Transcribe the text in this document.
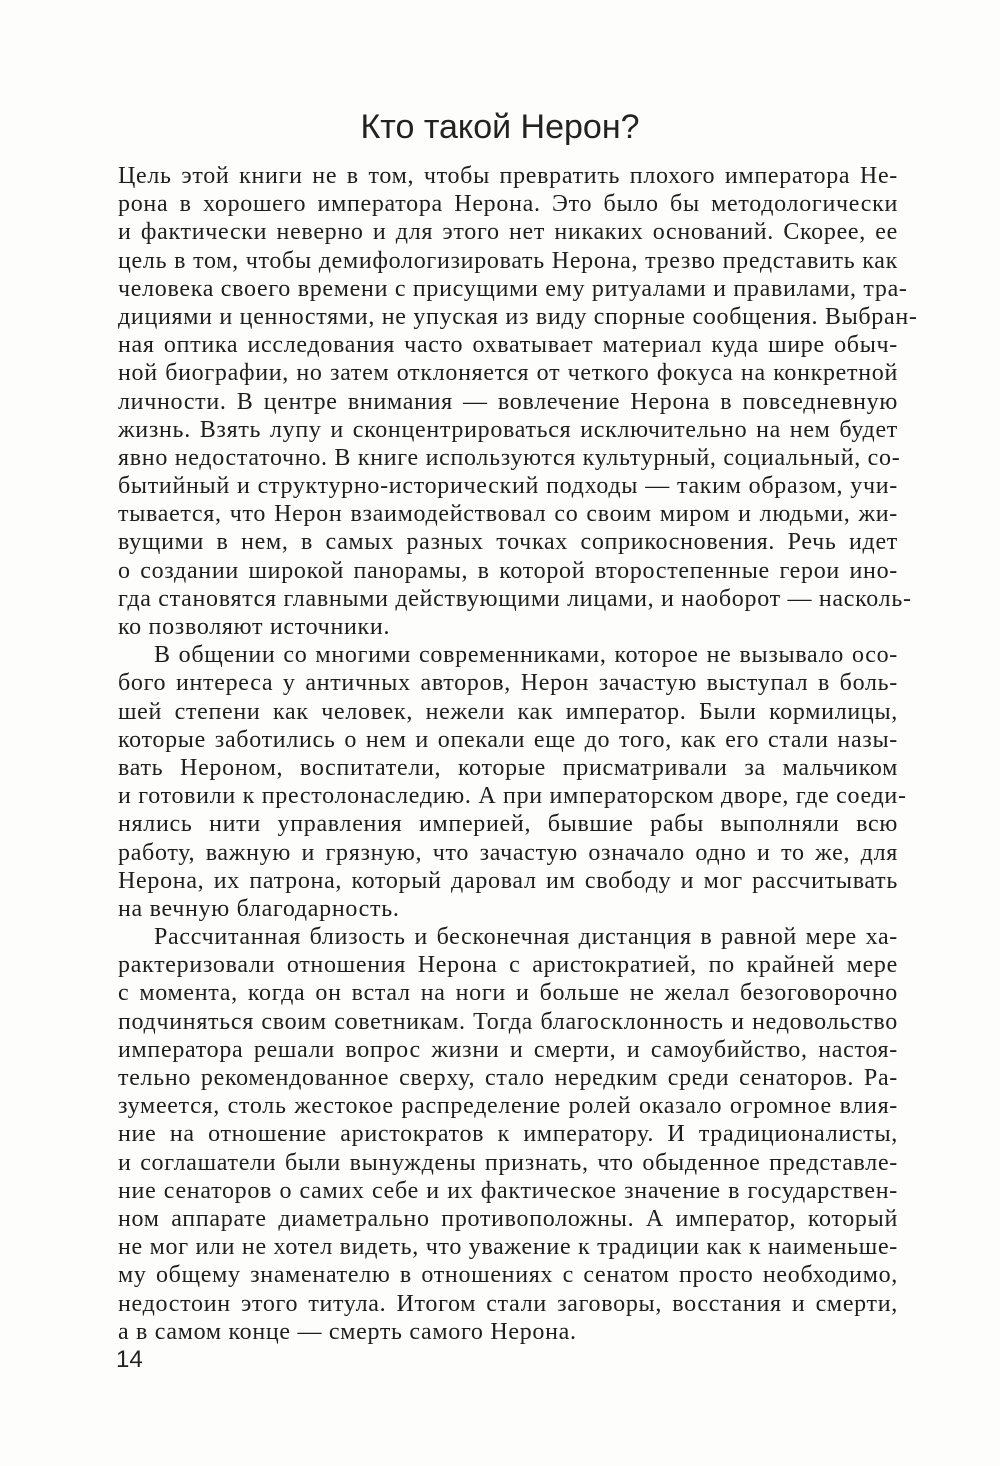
Кто такой Нерон?
Цель этой книги не в том, чтобы превратить плохого императора Не-
рона в хорошего императора Нерона. Это было бы методологически
и фактически неверно и для этого нет никаких оснований. Скорее, ее
цель в том, чтобы демифологизировать Нерона, трезво представить как
человека своего времени с присущими ему ритуалами и правилами, тра-
дициями и ценностями, не упуская из виду спорные сообщения. Выбран-
ная оптика исследования часто охватывает материал куда шире обыч-
ной биографии, но затем отклоняется от четкого фокуса на конкретной
личности. В центре внимания — вовлечение Нерона в повседневную
жизнь. Взять лупу и сконцентрироваться исключительно на нем будет
явно недостаточно. В книге используются культурный, социальный, со-
бытийный и структурно-исторический подходы — таким образом, учи-
тывается, что Нерон взаимодействовал со своим миром и людьми, жи-
вущими в нем, в самых разных точках соприкосновения. Речь идет
о создании широкой панорамы, в которой второстепенные герои ино-
гда становятся главными действующими лицами, и наоборот — насколь-
ко позволяют источники.
В общении со многими современниками, которое не вызывало осо-
бого интереса у античных авторов, Нерон зачастую выступал в боль-
шей степени как человек, нежели как император. Были кормилицы,
которые заботились о нем и опекали еще до того, как его стали назы-
вать Нероном, воспитатели, которые присматривали за мальчиком
и готовили к престолонаследию. А при императорском дворе, где соеди-
нялись нити управления империей, бывшие рабы выполняли всю
работу, важную и грязную, что зачастую означало одно и то же, для
Нерона, их патрона, который даровал им свободу и мог рассчитывать
на вечную благодарность.
Рассчитанная близость и бесконечная дистанция в равной мере ха-
рактеризовали отношения Нерона с аристократией, по крайней мере
с момента, когда он встал на ноги и больше не желал безоговорочно
подчиняться своим советникам. Тогда благосклонность и недовольство
императора решали вопрос жизни и смерти, и самоубийство, настоя-
тельно рекомендованное сверху, стало нередким среди сенаторов. Ра-
зумеется, столь жестокое распределение ролей оказало огромное влия-
ние на отношение аристократов к императору. И традиционалисты,
и соглашатели были вынуждены признать, что обыденное представле-
ние сенаторов о самих себе и их фактическое значение в государствен-
ном аппарате диаметрально противоположны. А император, который
не мог или не хотел видеть, что уважение к традиции как к наименьше-
му общему знаменателю в отношениях с сенатом просто необходимо,
недостоин этого титула. Итогом стали заговоры, восстания и смерти,
а в самом конце — смерть самого Нерона.
14
